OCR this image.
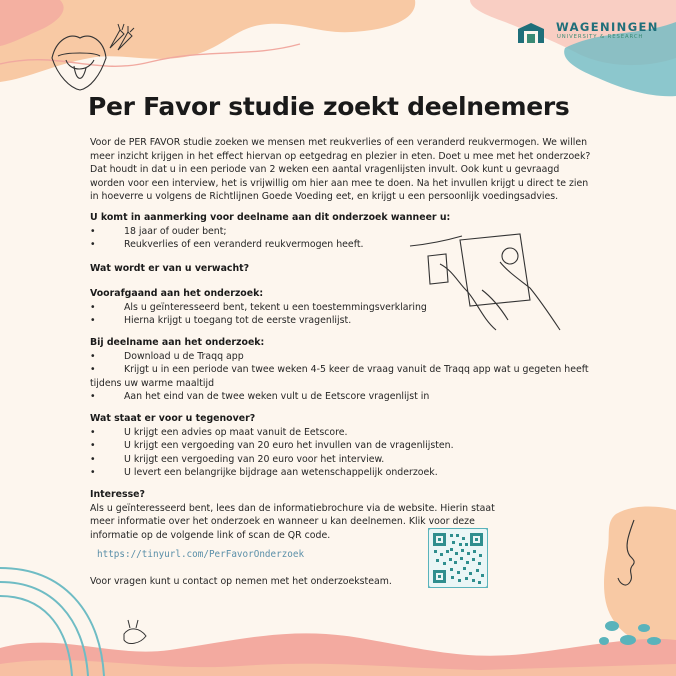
WAGENINGEN
UNIVERSITY & RESEARCH
Per Favor studie zoekt deelnemers
Voor de PER FAVOR studie zoeken we mensen met reukverlies of een veranderd reukvermogen. We willen
meer inzicht krijgen in het effect hiervan op eetgedrag en plezier in eten. Doet u mee met het onderzoek?
Dat houdt in dat u in een periode van 2 weken een aantal vragenlijsten invult. Ook kunt u gevraagd
worden voor een interview, het is vrijwillig om hier aan mee te doen. Na het invullen krijgt u direct te zien
in hoeverre u volgens de Richtlijnen Goede Voeding eet, en krijgt u een persoonlijk voedingsadvies.
U komt in aanmerking voor deelname aan dit onderzoek wanneer u:
•	18 jaar of ouder bent;
•	Reukverlies of een veranderd reukvermogen heeft.
Wat wordt er van u verwacht?
Voorafgaand aan het onderzoek:
•	Als u geïnteresseerd bent, tekent u een toestemmingsverklaring
•	Hierna krijgt u toegang tot de eerste vragenlijst.
Bij deelname aan het onderzoek:
•	Download u de Traqq app
•	Krijgt u in een periode van twee weken 4-5 keer de vraag vanuit de Traqq app wat u gegeten heeft
tijdens uw warme maaltijd
•	Aan het eind van de twee weken vult u de Eetscore vragenlijst in
Wat staat er voor u tegenover?
•	U krijgt een advies op maat vanuit de Eetscore.
•	U krijgt een vergoeding van 20 euro het invullen van de vragenlijsten.
•	U krijgt een vergoeding van 20 euro voor het interview.
•	U levert een belangrijke bijdrage aan wetenschappelijk onderzoek.
Interesse?
Als u geïnteresseerd bent, lees dan de informatiebrochure via de website. Hierin staat
meer informatie over het onderzoek en wanneer u kan deelnemen. Klik voor deze
informatie op de volgende link of scan de QR code.
https://tinyurl.com/PerFavorOnderzoek
Voor vragen kunt u contact op nemen met het onderzoeksteam.
